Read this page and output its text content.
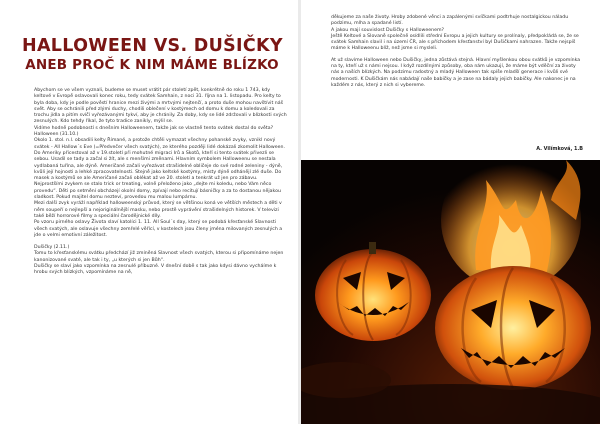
HALLOWEEN VS. DUŠIČKY
ANEB PROČ K NIM MÁME BLÍZKO

Abychom se ve všem vyznali, budeme se muset vrátit pár století zpět, konkrétně do roku 1 743, kdy keltové v Evropě oslavovali konec roku, tedy svátek Samhain, z noci 31. října na 1. listopadu. Pro kelty to byla doba, kdy je podle pověstí hranice mezi živými a mrtvými nejtenčí, a proto duše mohou navštívit náš svět. Aby se ochránili před zlými duchy, chodili oblečení v kostýmech od domu k domu a koledovali za trochu jídla a pitím svíčí vyřezávanými tykví, aby je chránily. Za doby, kdy se lidé zdržovali v blízkosti svých zesnulých. Kdo tehdy říkal, že tyto tradice zanikly, mýlil se.

Vidíme hodně podobností s dnešním Halloweenem, takže jak se vlastně tento svátek dostal do světa?

Halloween (31.10.)

Okolo 1. stol. n.l. obsadili kelty Římané, a protože chtěli vymazat všechny pohanské zvyky, vznikl nový svátek - All Hallow´s Eve (=Předvečer všech svatých), ze kterého později lidé dokázali zkomolit Halloween.

Do Ameriky přicestoval až v 19.století při mohutné migraci Irů a Skotů, kteří si tento svátek přivezli se sebou. Usadil se tady a začal si žít, ale s menšími změnami. Hlavním symbolem Halloweenu se nestala vydlabaná tuřína, ale dýně. Američané začali vyřezávat strašidelné obličeje do své rodné zeleniny - dýně, kvůli její hojnosti a lehké zpracovatelnosti. Stejně jako keltské kostýmy, místy dýně odhánějí zlé duše. Do masek a kostýmů se ale Američané začali oblékat až ve 20. století a tenkrát už jen pro zábavu.

Nejprostšími zvykem se stalo trick or treating, volně přeloženo jako „dejte mi koledu, nebo Vám něco provedu“. Děti po setmění obcházejí okolní domy, zpívají nebo recitují básničky a za to dostanou nějakou sladkost. Pokud majitel domu nezteví, provedou mu malou lumpárnu.

Mezi další zvyk vyráží například halloweenský průvod, který se většinou koná ve větších městech a děti v něm soupeří o nejlepší a nejoriginálnější masku, nebo prostě vyprávění strašidelných historek. V televizi také běží horrorové filmy a speciální čarodějnické díly.

Po vzoru pirného oslavy Života slaví katolíci 1. 11. All Soul´s day, který se podobá křesťanské Slavnosti všech svatých, ale oslavuje všechny zemřelé věřící, v kostelech jsou členy jména milovaných zesnulých a jde o velmi emotivní záležitost.

Dušičky (2.11.)

Tomu to křesťanskému svátku předchází již zmíněná Slavnost všech svatých, kterou si připomínáme nejen kanonizované svaté, ale tak i ty, „u kterých si jen Bůh“.

Dušičky se slaví jako vzpomínka na zesnulé příbuzné. V dnešní době s tak jako kdysi dávno vycháíme k hrobu svých blízkých, vzpomínáme na ně,

děkujeme za naše životy. Hroby zdobené věnci a zapálenými svíčkami podtrhuje nostalgickou náladu podzimu, mlha a spadané listí.

A jakou mají souvislost Dušičky s Halloweenem?

Ještě Keltové a Slovaně společně osídlili střední Evropu a jejich kultury se prolínaly, předpokládá se, že se svátek Samhain slavil i na území ČR, ale s příchodem křesťanství byl Dušičkami nahrazen. Takže nejspíš máme k Halloweenu blíž, než jsme si mysleli.

At už slavíme Halloween nebo Dušičky, jedna zůstává stejná. Hlavní myšlenkou obou svátků je vzpomínka na ty, kteří už s námi nejsou. I když rozdílnými způsoby, oba nám ukazují, že máme být vděční za životy nás a naších blízkých. Na podzimu radostný a mladý Halloween tak spíše mladší generace i kvůli své modernosti. K Dušičkám nás nabádají naše babičky a je zase na bádaly jejich babičky. Ale nakonec je na každém z nás, který z nich si vybereme.

A. Vilímková, 1.B
